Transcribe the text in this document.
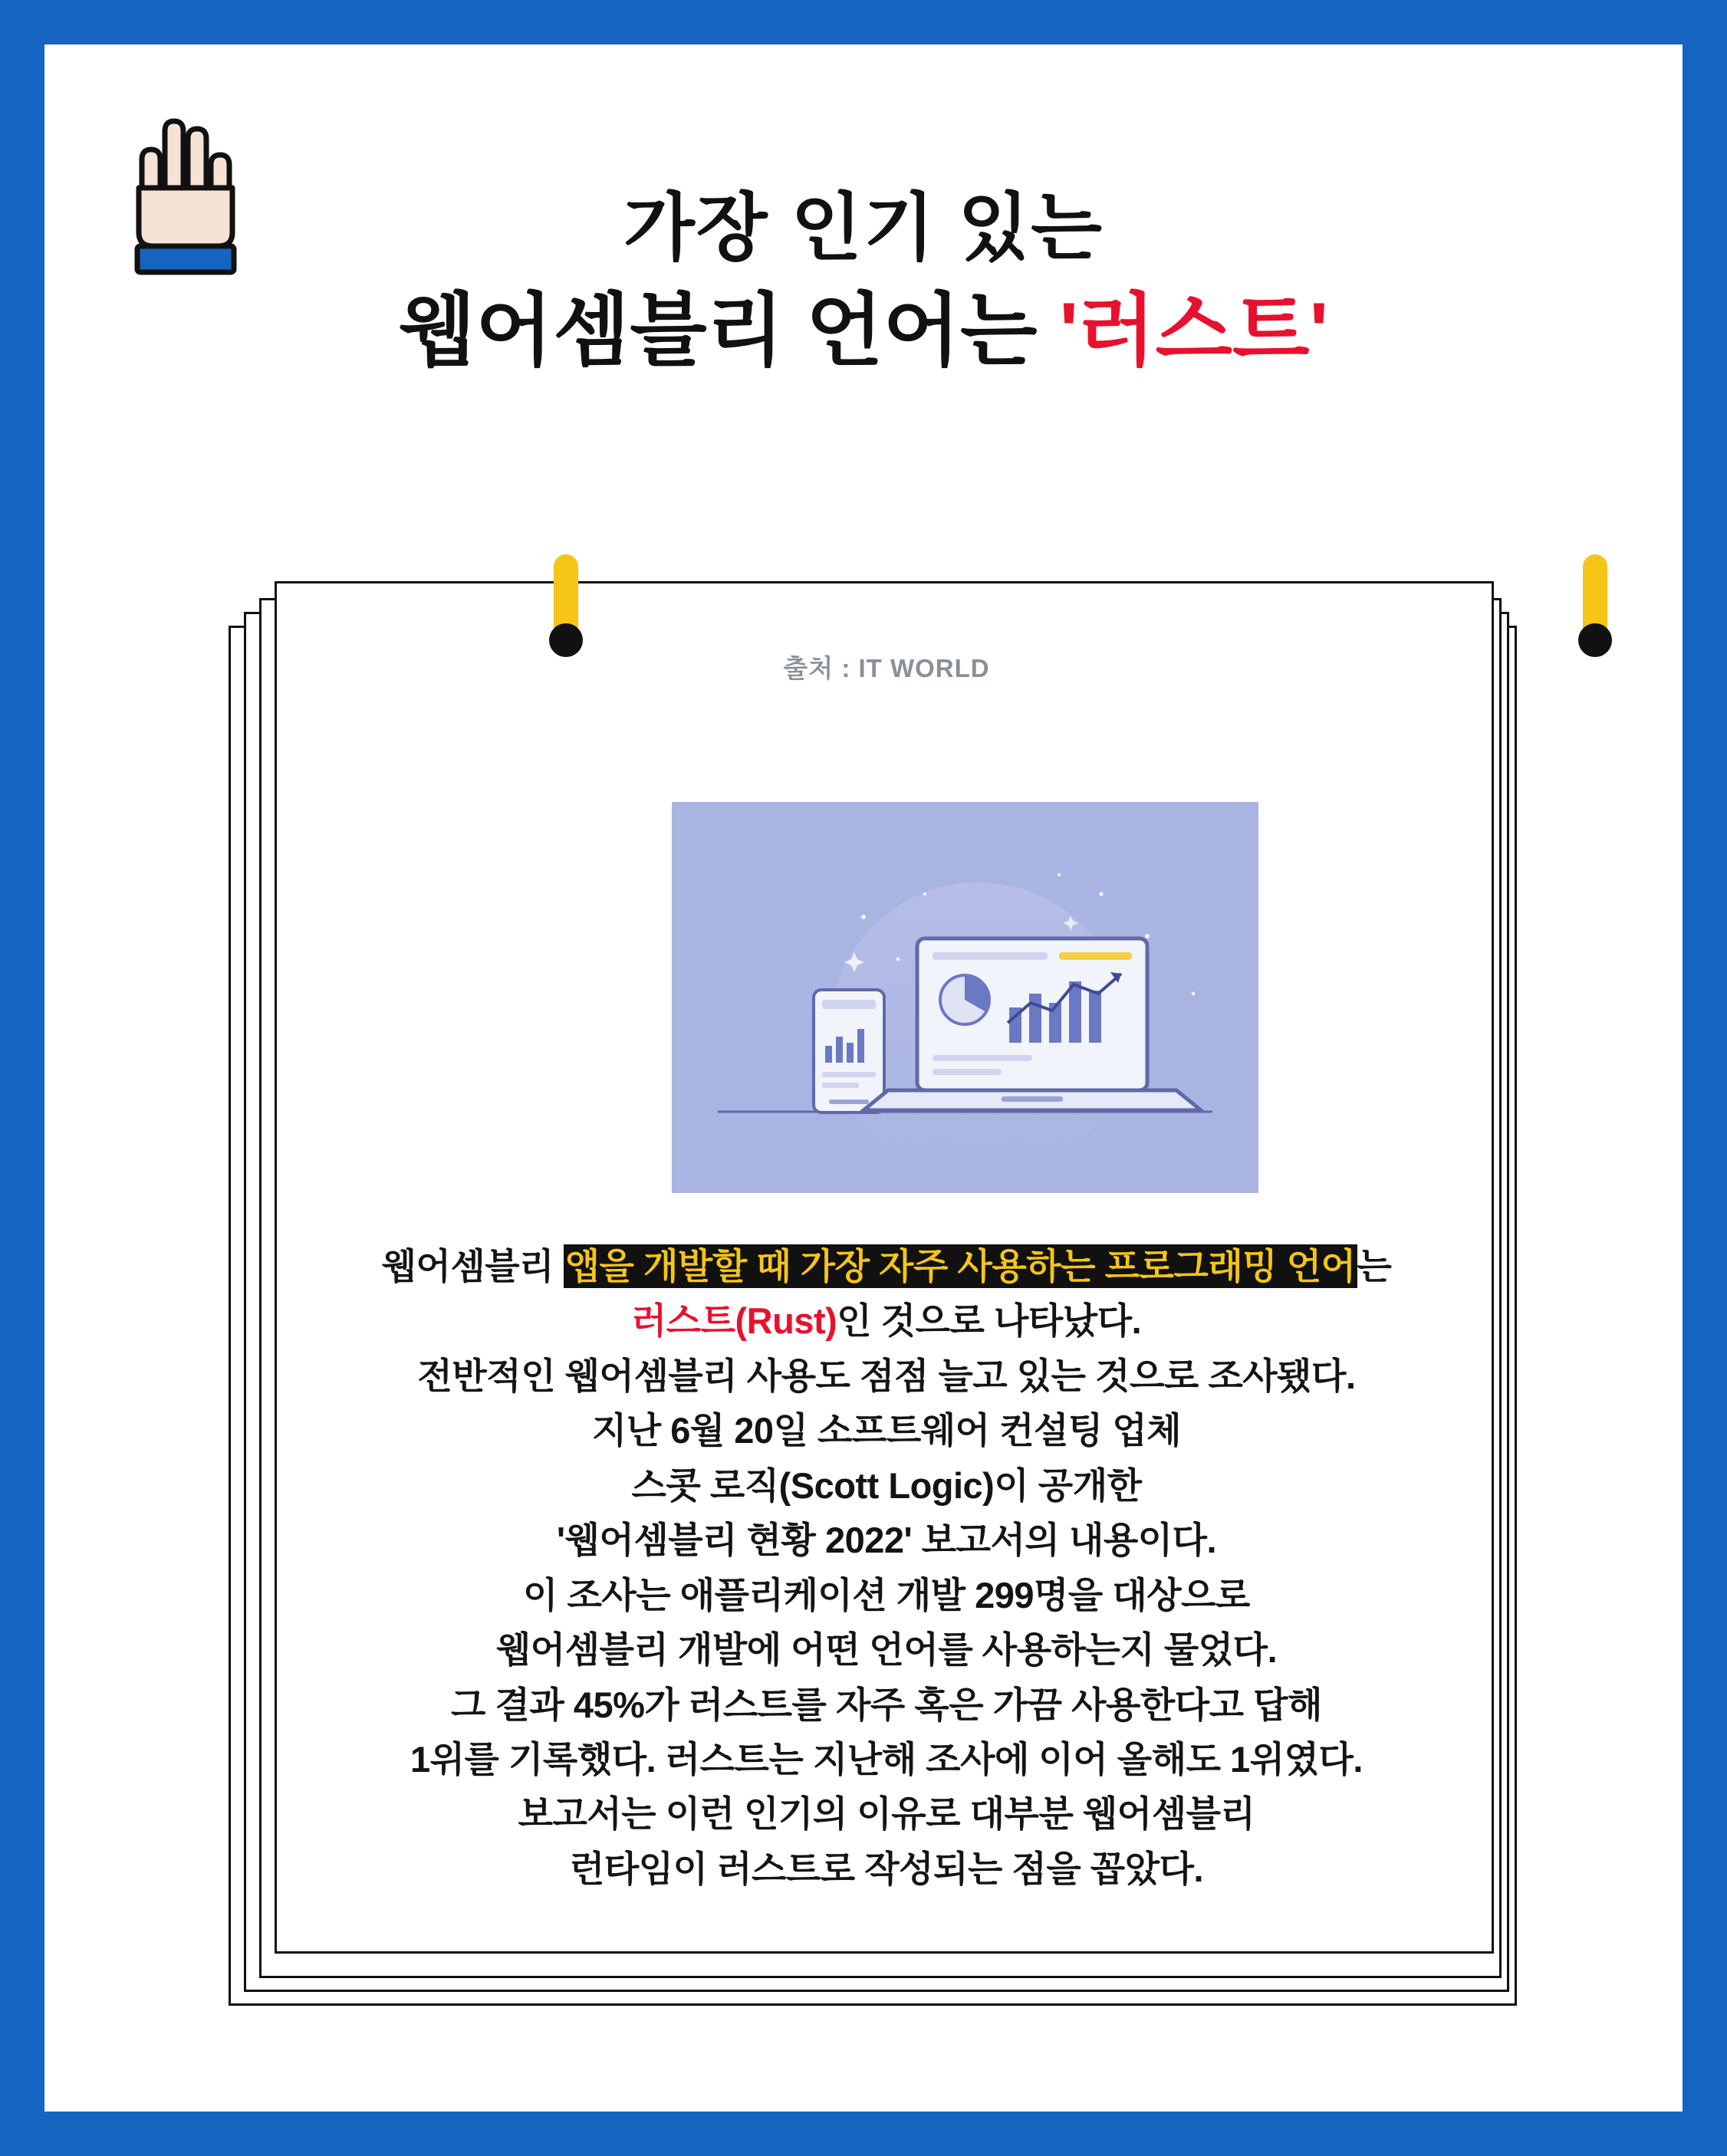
가장 인기 있는
웹어셈블리 언어는 '러스트'
출처 : IT WORLD

웹어셈블리 앱을 개발할 때 가장 자주 사용하는 프로그래밍 언어는

러스트(Rust)인 것으로 나타났다.

전반적인 웹어셈블리 사용도 점점 늘고 있는 것으로 조사됐다.

지난 6월 20일 소프트웨어 컨설팅 업체

스콧 로직(Scott Logic)이 공개한

'웹어셈블리 현황 2022' 보고서의 내용이다.

이 조사는 애플리케이션 개발 299명을 대상으로

웹어셈블리 개발에 어떤 언어를 사용하는지 물었다.

그 결과 45%가 러스트를 자주 혹은 가끔 사용한다고 답해

1위를 기록했다. 러스트는 지난해 조사에 이어 올해도 1위였다.

보고서는 이런 인기의 이유로 대부분 웹어셈블리

런타임이 러스트로 작성되는 점을 꼽았다.
